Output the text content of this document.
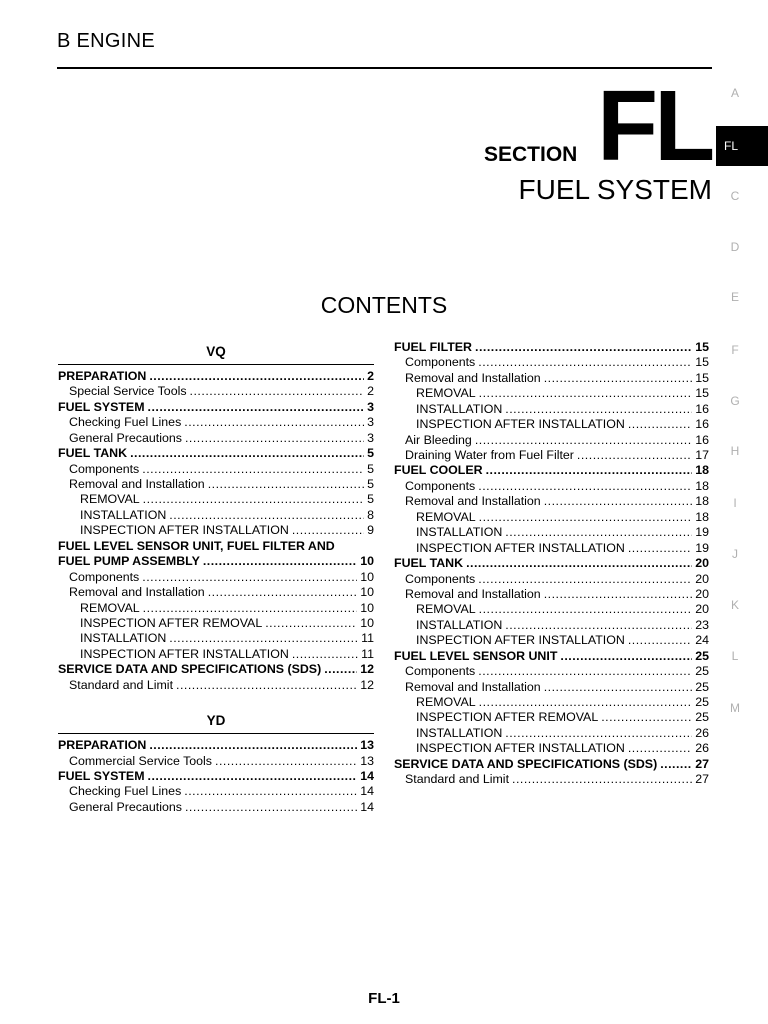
B ENGINE
SECTION FL
FUEL SYSTEM
CONTENTS
A
FL
C
D
E
F
G
H
I
J
K
L
M
VQ
PREPARATION .....	2
Special Service Tools .....	2
FUEL SYSTEM .....	3
Checking Fuel Lines .....	3
General Precautions .....	3
FUEL TANK .....	5
Components .....	5
Removal and Installation .....	5
REMOVAL .....	5
INSTALLATION .....	8
INSPECTION AFTER INSTALLATION .....	9
FUEL LEVEL SENSOR UNIT, FUEL FILTER AND
FUEL PUMP ASSEMBLY .....	10
Components .....	10
Removal and Installation .....	10
REMOVAL .....	10
INSPECTION AFTER REMOVAL .....	10
INSTALLATION .....	11
INSPECTION AFTER INSTALLATION .....	11
SERVICE DATA AND SPECIFICATIONS (SDS) .....	12
Standard and Limit .....	12
YD
PREPARATION .....	13
Commercial Service Tools .....	13
FUEL SYSTEM .....	14
Checking Fuel Lines .....	14
General Precautions .....	14
FUEL FILTER .....	15
Components .....	15
Removal and Installation .....	15
REMOVAL .....	15
INSTALLATION .....	16
INSPECTION AFTER INSTALLATION .....	16
Air Bleeding .....	16
Draining Water from Fuel Filter .....	17
FUEL COOLER .....	18
Components .....	18
Removal and Installation .....	18
REMOVAL .....	18
INSTALLATION .....	19
INSPECTION AFTER INSTALLATION .....	19
FUEL TANK .....	20
Components .....	20
Removal and Installation .....	20
REMOVAL .....	20
INSTALLATION .....	23
INSPECTION AFTER INSTALLATION .....	24
FUEL LEVEL SENSOR UNIT .....	25
Components .....	25
Removal and Installation .....	25
REMOVAL .....	25
INSPECTION AFTER REMOVAL .....	25
INSTALLATION .....	26
INSPECTION AFTER INSTALLATION .....	26
SERVICE DATA AND SPECIFICATIONS (SDS) .....	27
Standard and Limit .....	27
FL-1
